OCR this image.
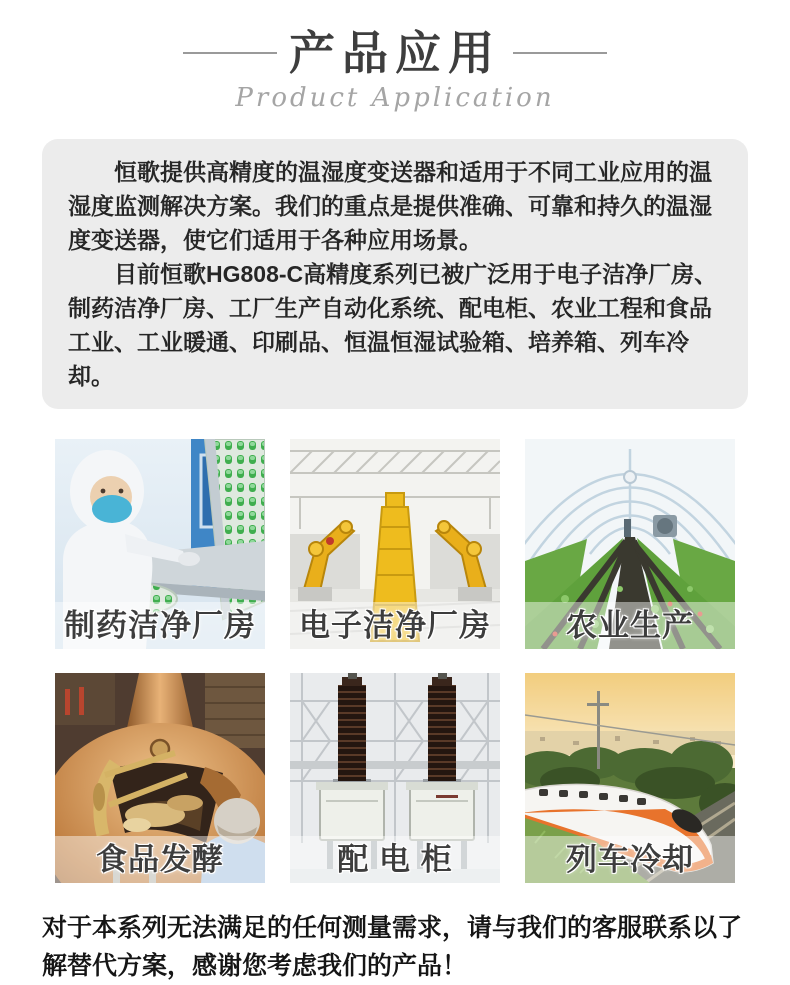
产品应用
Product Application

恒歌提供高精度的温湿度变送器和适用于不同工业应用的温湿度监测解决方案。我们的重点是提供准确、可靠和持久的温湿度变送器，使它们适用于各种应用场景。

目前恒歌HG808-C高精度系列已被广泛用于电子洁净厂房、制药洁净厂房、工厂生产自动化系统、配电柜、农业工程和食品工业、工业暖通、印刷品、恒温恒湿试验箱、培养箱、列车冷却。

制药洁净厂房 电子洁净厂房	农业生产
食品发酵	配 电 柜	列车冷却

对于本系列无法满足的任何测量需求，请与我们的客服联系以了解替代方案，感谢您考虑我们的产品！
